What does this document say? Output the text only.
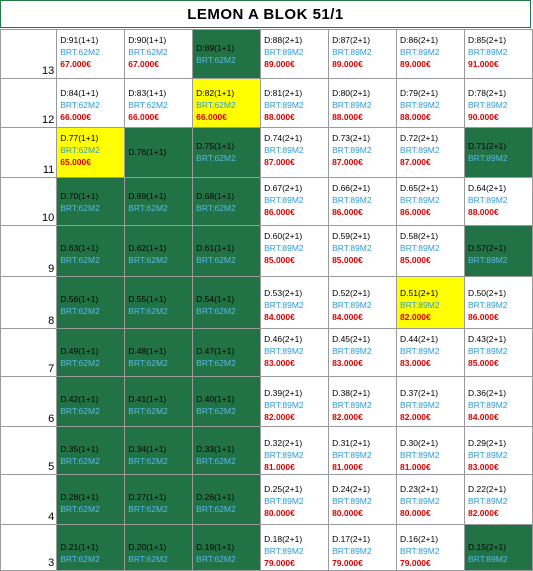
LEMON A BLOK 51/1
13	D:91(1+1)
BRT:62M2
67.000€	D:90(1+1)
BRT:62M2
67.000€	D:89(1+1)
BRT:62M2	D:88(2+1)
BRT:89M2
89.000€	D:87(2+1)
BRT:89M2
89.000€	D:86(2+1)
BRT:89M2
89.000€	D:85(2+1)
BRT:89M2
91.000€

12	D:84(1+1)
BRT:62M2
66.000€	D:83(1+1)
BRT:62M2
66.000€	D:82(1+1)
BRT:62M2
66.000€	D:81(2+1)
BRT:89M2
88.000€	D:80(2+1)
BRT:89M2
88.000€	D:79(2+1)
BRT:89M2
88.000€	D:78(2+1)
BRT:89M2
90.000€

11	D.77(1+1)
BRT:62M2
65.000€	D.76(1+1)	D.75(1+1)
BRT:62M2	D.74(2+1)
BRT:89M2
87.000€	D.73(2+1)
BRT:89M2
87.000€	D.72(2+1)
BRT:89M2
87.000€	D.71(2+1)
BRT:89M2

10	D.70(1+1)
BRT:62M2	D.69(1+1)
BRT:62M2	D.68(1+1)
BRT:62M2	D.67(2+1)
BRT:89M2
86.000€	D.66(2+1)
BRT:89M2
86.000€	D.65(2+1)
BRT:89M2
86.000€	D.64(2+1)
BRT:89M2
88.000€

9	D.63(1+1)
BRT:62M2	D.62(1+1)
BRT:62M2	D.61(1+1)
BRT:62M2	D.60(2+1)
BRT:89M2
85.000€	D.59(2+1)
BRT:89M2
85.000€	D.58(2+1)
BRT:89M2
85.000€	D.57(2+1)
BRT:89M2

8	D.56(1+1)
BRT:62M2	D.55(1+1)
BRT:62M2	D.54(1+1)
BRT:62M2	D.53(2+1)
BRT:89M2
84.000€	D.52(2+1)
BRT:89M2
84.000€	D.51(2+1)
BRT:89M2
82.000€	D.50(2+1)
BRT:89M2
86.000€

7	D.49(1+1)
BRT:62M2	D.48(1+1)
BRT:62M2	D.47(1+1)
BRT:62M2	D.46(2+1)
BRT:89M2
83.000€	D.45(2+1)
BRT:89M2
83.000€	D.44(2+1)
BRT:89M2
83.000€	D.43(2+1)
BRT:89M2
85.000€

6	D.42(1+1)
BRT:62M2	D.41(1+1)
BRT:62M2	D.40(1+1)
BRT:62M2	D.39(2+1)
BRT:89M2
82.000€	D.38(2+1)
BRT:89M2
82.000€	D.37(2+1)
BRT:89M2
82.000€	D.36(2+1)
BRT:89M2
84.000€

5	D.35(1+1)
BRT:62M2	D.34(1+1)
BRT:62M2	D.33(1+1)
BRT:62M2	D.32(2+1)
BRT:89M2
81.000€	D.31(2+1)
BRT:89M2
81.000€	D.30(2+1)
BRT:89M2
81.000€	D.29(2+1)
BRT:89M2
83.000€

4	D.28(1+1)
BRT:62M2	D.27(1+1)
BRT:62M2	D.26(1+1)
BRT:62M2	D.25(2+1)
BRT:89M2
80.000€	D.24(2+1)
BRT:89M2
80.000€	D.23(2+1)
BRT:89M2
80.000€	D.22(2+1)
BRT:89M2
82.000€

3	D.21(1+1)
BRT:62M2	D.20(1+1)
BRT:62M2	D.19(1+1)
BRT:62M2	D.18(2+1)
BRT:89M2
79.000€	D.17(2+1)
BRT:89M2
79.000€	D.16(2+1)
BRT:89M2
79.000€	D.15(2+1)
BRT:89M2
